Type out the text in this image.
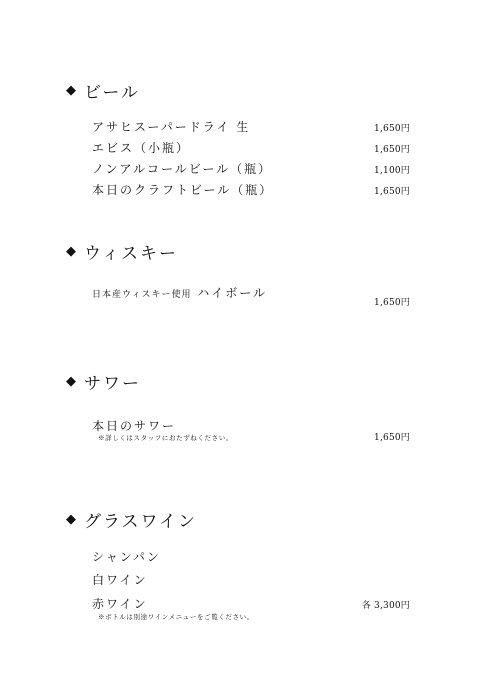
◆ ビール
アサヒスーパードライ 生	1,650円
エビス（小瓶）	1,650円
ノンアルコールビール（瓶）	1,100円
本日のクラフトビール（瓶）	1,650円
◆ ウィスキー
日本産ウィスキー使用 ハイボール
1,650円
◆ サワー
本日のサワー
※詳しくはスタッフにおたずねください。	1,650円
◆ グラスワイン
シャンパン
白ワイン
赤ワイン
※ボトルは別途ワインメニューをご覧ください。
各 3,300円
